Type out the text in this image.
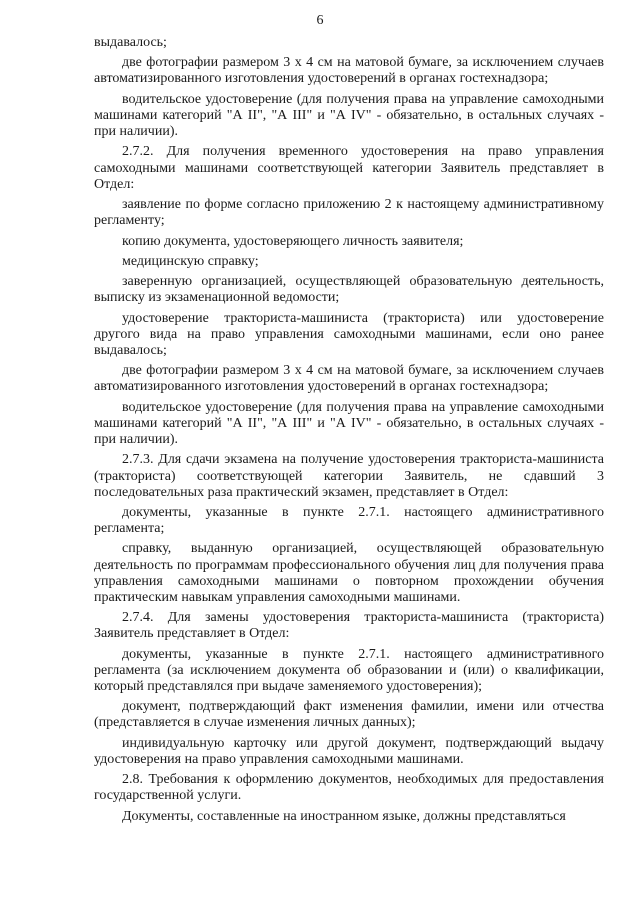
6

выдавалось;

две фотографии размером 3 х 4 см на матовой бумаге, за исключением случаев автоматизированного изготовления удостоверений в органах гостехнадзора;

водительское удостоверение (для получения права на управление самоходными машинами категорий "А II", "А III" и "А IV" - обязательно, в остальных случаях - при наличии).

2.7.2. Для получения временного удостоверения на право управления самоходными машинами соответствующей категории Заявитель представляет в Отдел:

заявление по форме согласно приложению 2 к настоящему административному регламенту;

копию документа, удостоверяющего личность заявителя;

медицинскую справку;

заверенную организацией, осуществляющей образовательную деятельность, выписку из экзаменационной ведомости;

удостоверение тракториста-машиниста (тракториста) или удостоверение другого вида на право управления самоходными машинами, если оно ранее выдавалось;

две фотографии размером 3 х 4 см на матовой бумаге, за исключением случаев автоматизированного изготовления удостоверений в органах гостехнадзора;

водительское удостоверение (для получения права на управление самоходными машинами категорий "А II", "А III" и "А IV" - обязательно, в остальных случаях - при наличии).

2.7.3. Для сдачи экзамена на получение удостоверения тракториста-машиниста (тракториста) соответствующей категории Заявитель, не сдавший 3 последовательных раза практический экзамен, представляет в Отдел:

документы, указанные в пункте 2.7.1. настоящего административного регламента;

справку, выданную организацией, осуществляющей образовательную деятельность по программам профессионального обучения лиц для получения права управления самоходными машинами о повторном прохождении обучения практическим навыкам управления самоходными машинами.

2.7.4. Для замены удостоверения тракториста-машиниста (тракториста) Заявитель представляет в Отдел:

документы, указанные в пункте 2.7.1. настоящего административного регламента (за исключением документа об образовании и (или) о квалификации, который представлялся при выдаче заменяемого удостоверения);

документ, подтверждающий факт изменения фамилии, имени или отчества (представляется в случае изменения личных данных);

индивидуальную карточку или другой документ, подтверждающий выдачу удостоверения на право управления самоходными машинами.

2.8. Требования к оформлению документов, необходимых для предоставления государственной услуги.

Документы, составленные на иностранном языке, должны представляться
